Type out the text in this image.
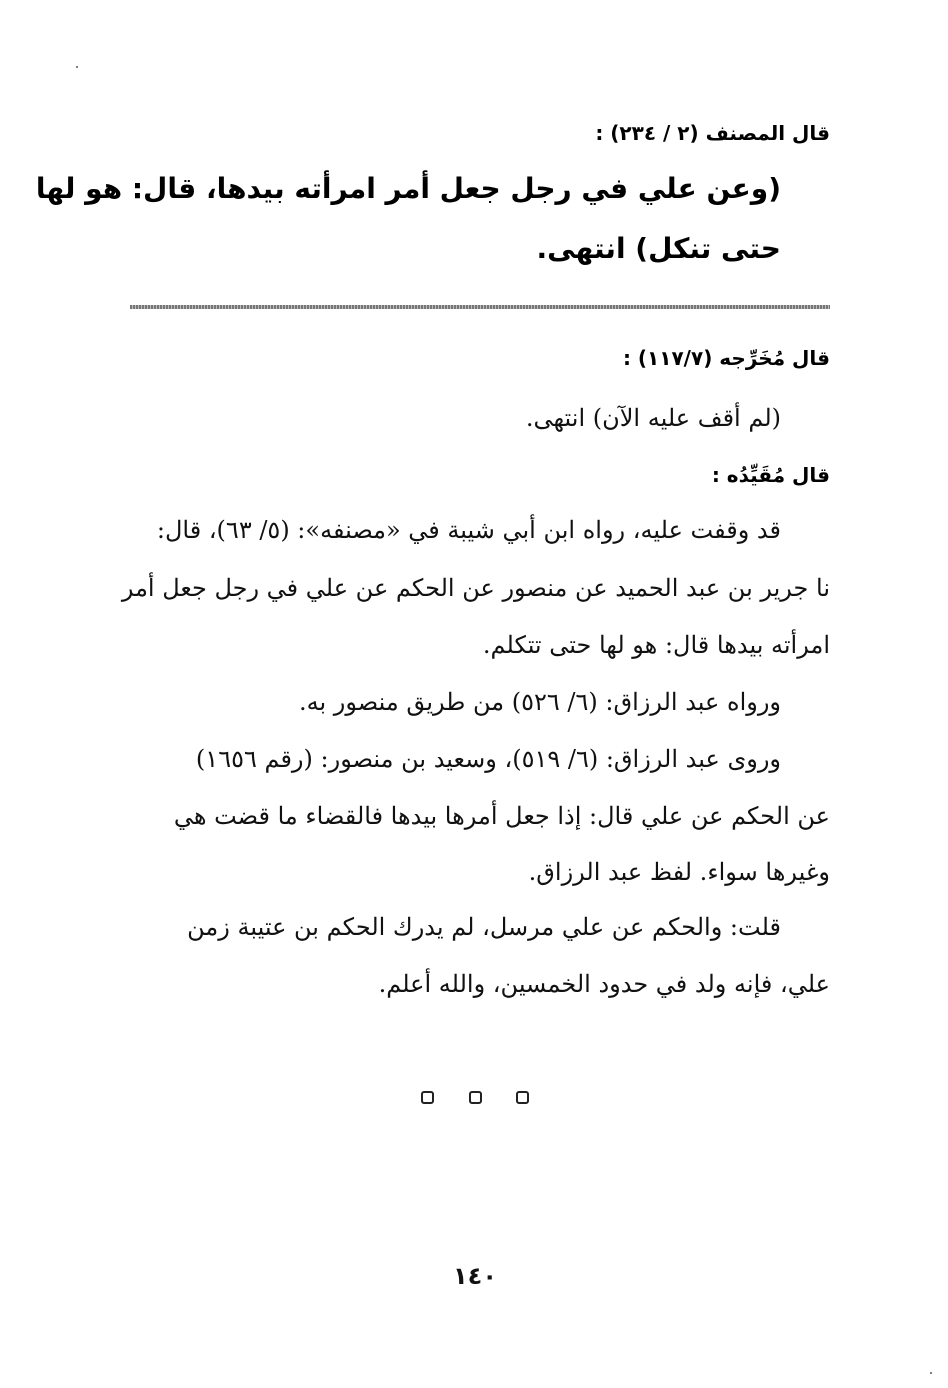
قال المصنف (٢ / ٢٣٤) :
(وعن علي في رجل جعل أمر امرأته بيدها، قال: هو لها
حتى تنكل) انتهى.
قال مُخَرِّجه (١١٧/٧) :
(لم أقف عليه الآن) انتهى.
قال مُقَيِّدُه :
قد وقفت عليه، رواه ابن أبي شيبة في «مصنفه»: (٥/ ٦٣)، قال:
نا جرير بن عبد الحميد عن منصور عن الحكم عن علي في رجل جعل أمر
امرأته بيدها قال: هو لها حتى تتكلم.
ورواه عبد الرزاق: (٦/ ٥٢٦) من طريق منصور به.
وروى عبد الرزاق: (٦/ ٥١٩)، وسعيد بن منصور: (رقم ١٦٥٦)
عن الحكم عن علي قال: إذا جعل أمرها بيدها فالقضاء ما قضت هي
وغيرها سواء. لفظ عبد الرزاق.
قلت: والحكم عن علي مرسل، لم يدرك الحكم بن عتيبة زمن
علي، فإنه ولد في حدود الخمسين، والله أعلم.
١٤٠
